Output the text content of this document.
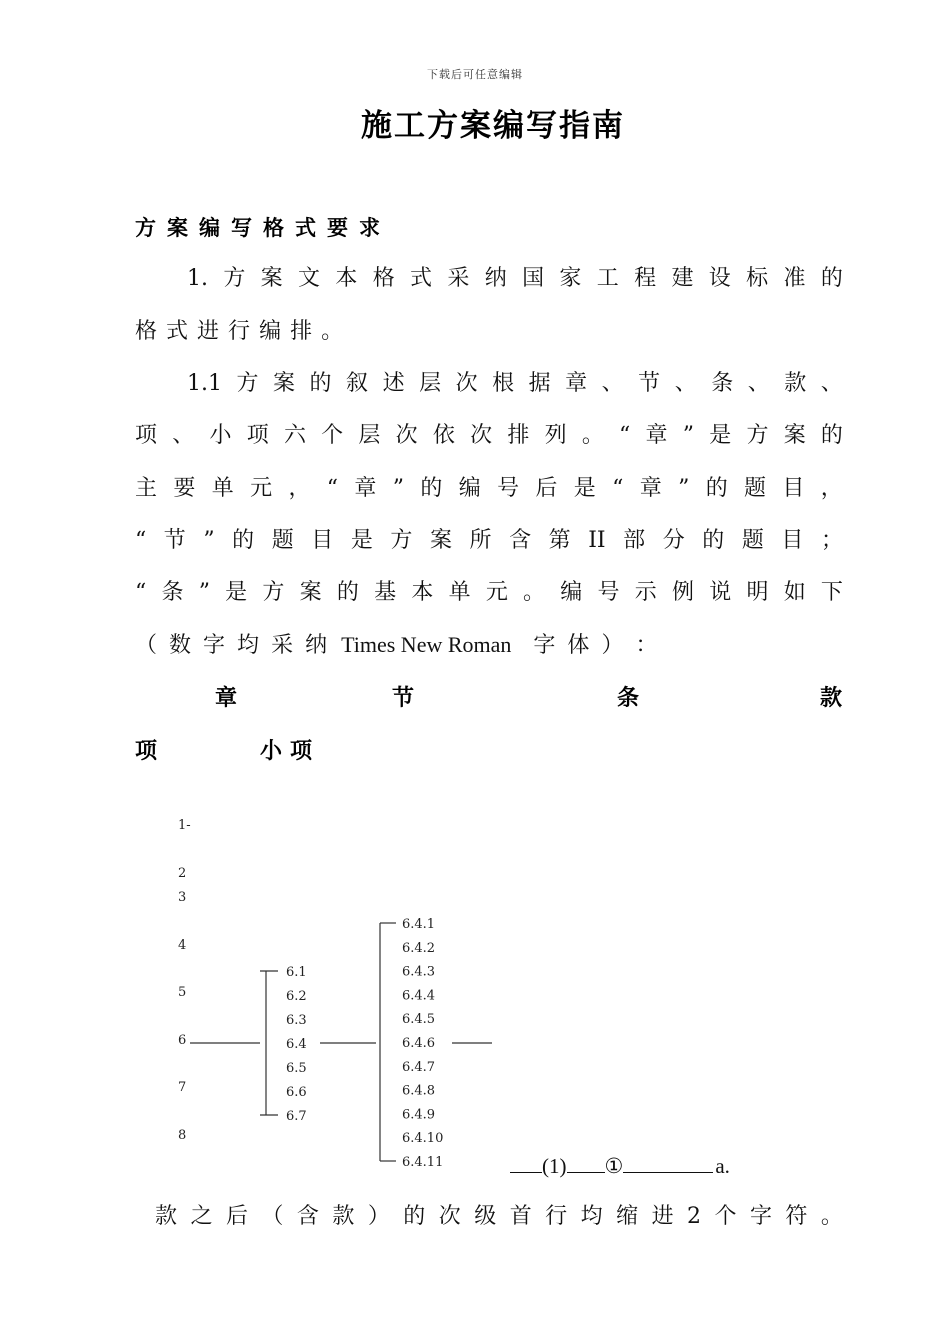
下载后可任意编辑
施工方案编写指南
方案编写格式要求
1. 方 案 文 本 格 式 采 纳 国 家 工 程 建 设 标 准 的
格 式 进 行 编 排 。
1.1 方 案 的 叙 述 层 次 根 据 章 、 节 、 条 、 款 、
项 、 小 项 六 个 层 次 依 次 排 列 。 “ 章 ” 是 方 案 的
主 要 单 元 ， “ 章 ” 的 编 号 后 是 “ 章 ” 的 题 目 ，
“ 节 ” 的 题 目 是 方 案 所 含 第 II 部 分 的 题 目 ；
“ 条 ” 是 方 案 的 基 本 单 元 。 编 号 示 例 说 明 如 下
（ 数 字 均 采 纳 Times New Roman 字 体 ） ：
章	节	条	款
项	小项
1-
2
3
4
5
6
7
8
6.1
6.2
6.3
6.4
6.5
6.6
6.7
6.4.1
6.4.2
6.4.3
6.4.4
6.4.5
6.4.6
6.4.7
6.4.8
6.4.9
6.4.10
6.4.11	(1) ①	a.
款 之 后 （ 含 款 ） 的 次 级 首 行 均 缩 进 2 个 字 符 。
